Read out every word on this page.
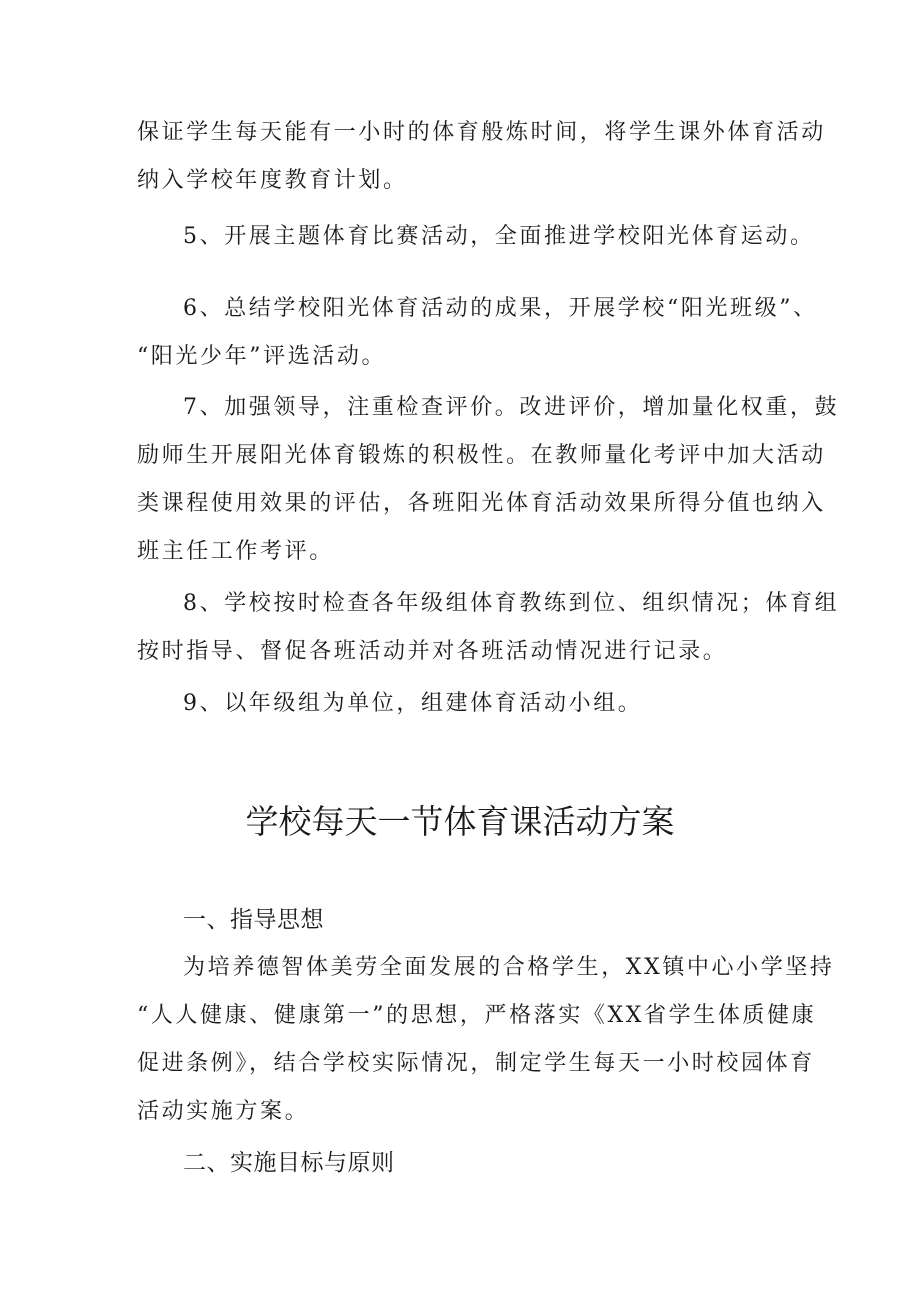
保证学生每天能有一小时的体育般炼时间，将学生课外体育活动
纳入学校年度教育计划。
5、开展主题体育比赛活动，全面推进学校阳光体育运动。
6、总结学校阳光体育活动的成果，开展学校“阳光班级”、
“阳光少年”评选活动。
7、加强领导，注重检查评价。改进评价，增加量化权重，鼓
励师生开展阳光体育锻炼的积极性。在教师量化考评中加大活动
类课程使用效果的评估，各班阳光体育活动效果所得分值也纳入
班主任工作考评。
8、学校按时检查各年级组体育教练到位、组织情况；体育组
按时指导、督促各班活动并对各班活动情况进行记录。
9、以年级组为单位，组建体育活动小组。
学校每天一节体育课活动方案
一、指导思想
为培养德智体美劳全面发展的合格学生，XX镇中心小学坚持
“人人健康、健康第一”的思想，严格落实《XX省学生体质健康
促进条例》，结合学校实际情况，制定学生每天一小时校园体育
活动实施方案。
二、实施目标与原则
